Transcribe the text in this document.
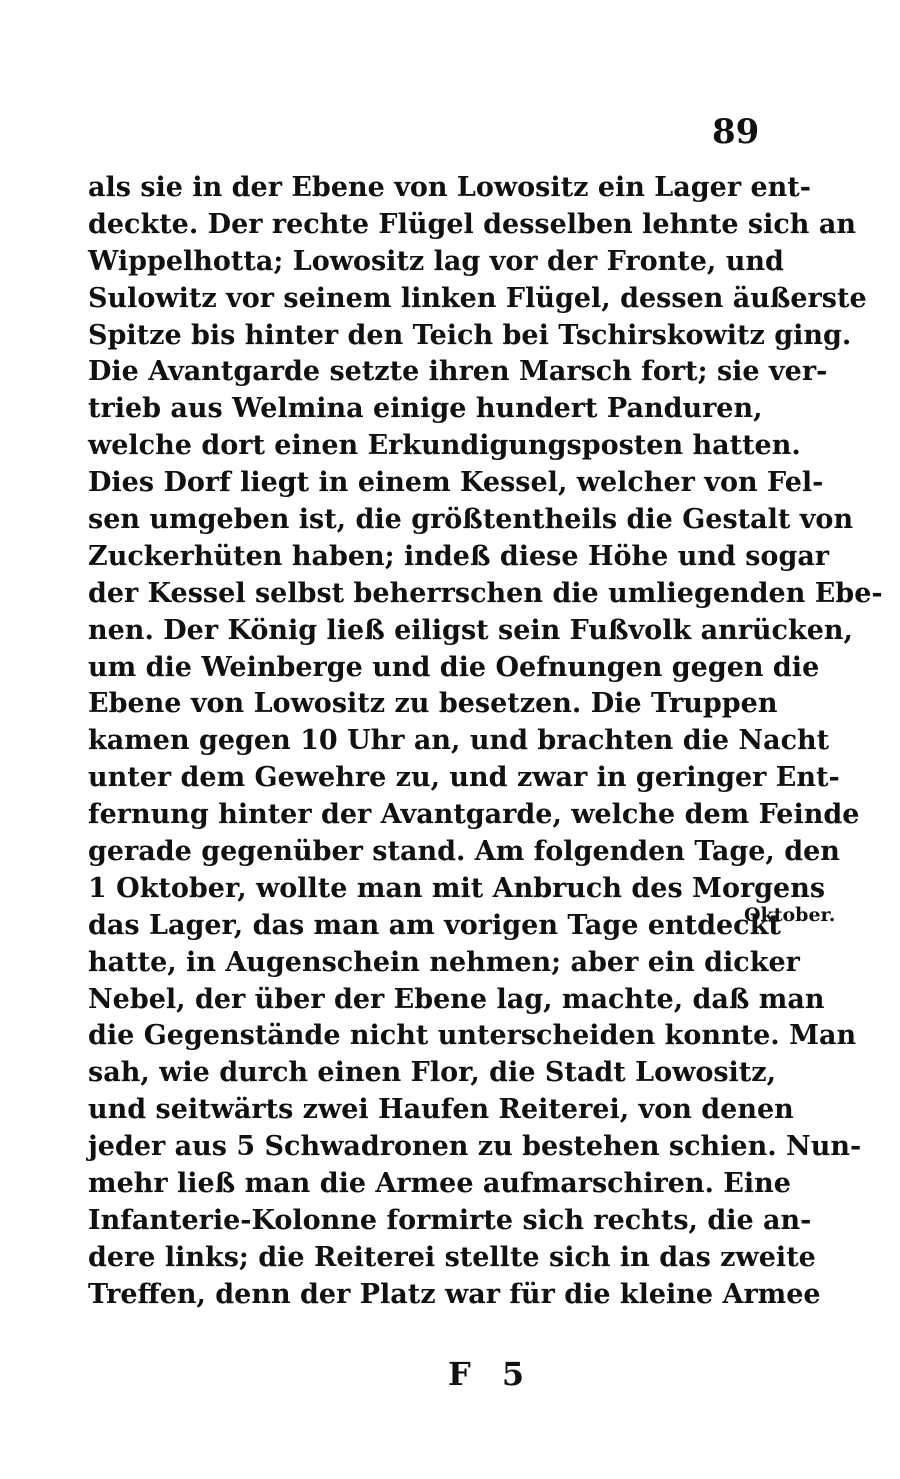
89
als sie in der Ebene von Lowositz ein Lager ent-
deckte. Der rechte Flügel desselben lehnte sich an
Wippelhotta; Lowositz lag vor der Fronte, und
Sulowitz vor seinem linken Flügel, dessen äußerste
Spitze bis hinter den Teich bei Tschirskowitz ging.
Die Avantgarde setzte ihren Marsch fort; sie ver-
trieb aus Welmina einige hundert Panduren,
welche dort einen Erkundigungsposten hatten.
Dies Dorf liegt in einem Kessel, welcher von Fel-
sen umgeben ist, die größtentheils die Gestalt von
Zuckerhüten haben; indeß diese Höhe und sogar
der Kessel selbst beherrschen die umliegenden Ebe-
nen. Der König ließ eiligst sein Fußvolk anrücken,
um die Weinberge und die Oefnungen gegen die
Ebene von Lowositz zu besetzen. Die Truppen
kamen gegen 10 Uhr an, und brachten die Nacht
unter dem Gewehre zu, und zwar in geringer Ent-
fernung hinter der Avantgarde, welche dem Feinde
gerade gegenüber stand. Am folgenden Tage, den
1 Oktober, wollte man mit Anbruch des Morgens
das Lager, das man am vorigen Tage entdeckt
hatte, in Augenschein nehmen; aber ein dicker
Nebel, der über der Ebene lag, machte, daß man
die Gegenstände nicht unterscheiden konnte. Man
sah, wie durch einen Flor, die Stadt Lowositz,
und seitwärts zwei Haufen Reiterei, von denen
jeder aus 5 Schwadronen zu bestehen schien. Nun-
mehr ließ man die Armee aufmarschiren. Eine
Infanterie-Kolonne formirte sich rechts, die an-
dere links; die Reiterei stellte sich in das zweite
Treffen, denn der Platz war für die kleine Armee
Oktober.
F 5
